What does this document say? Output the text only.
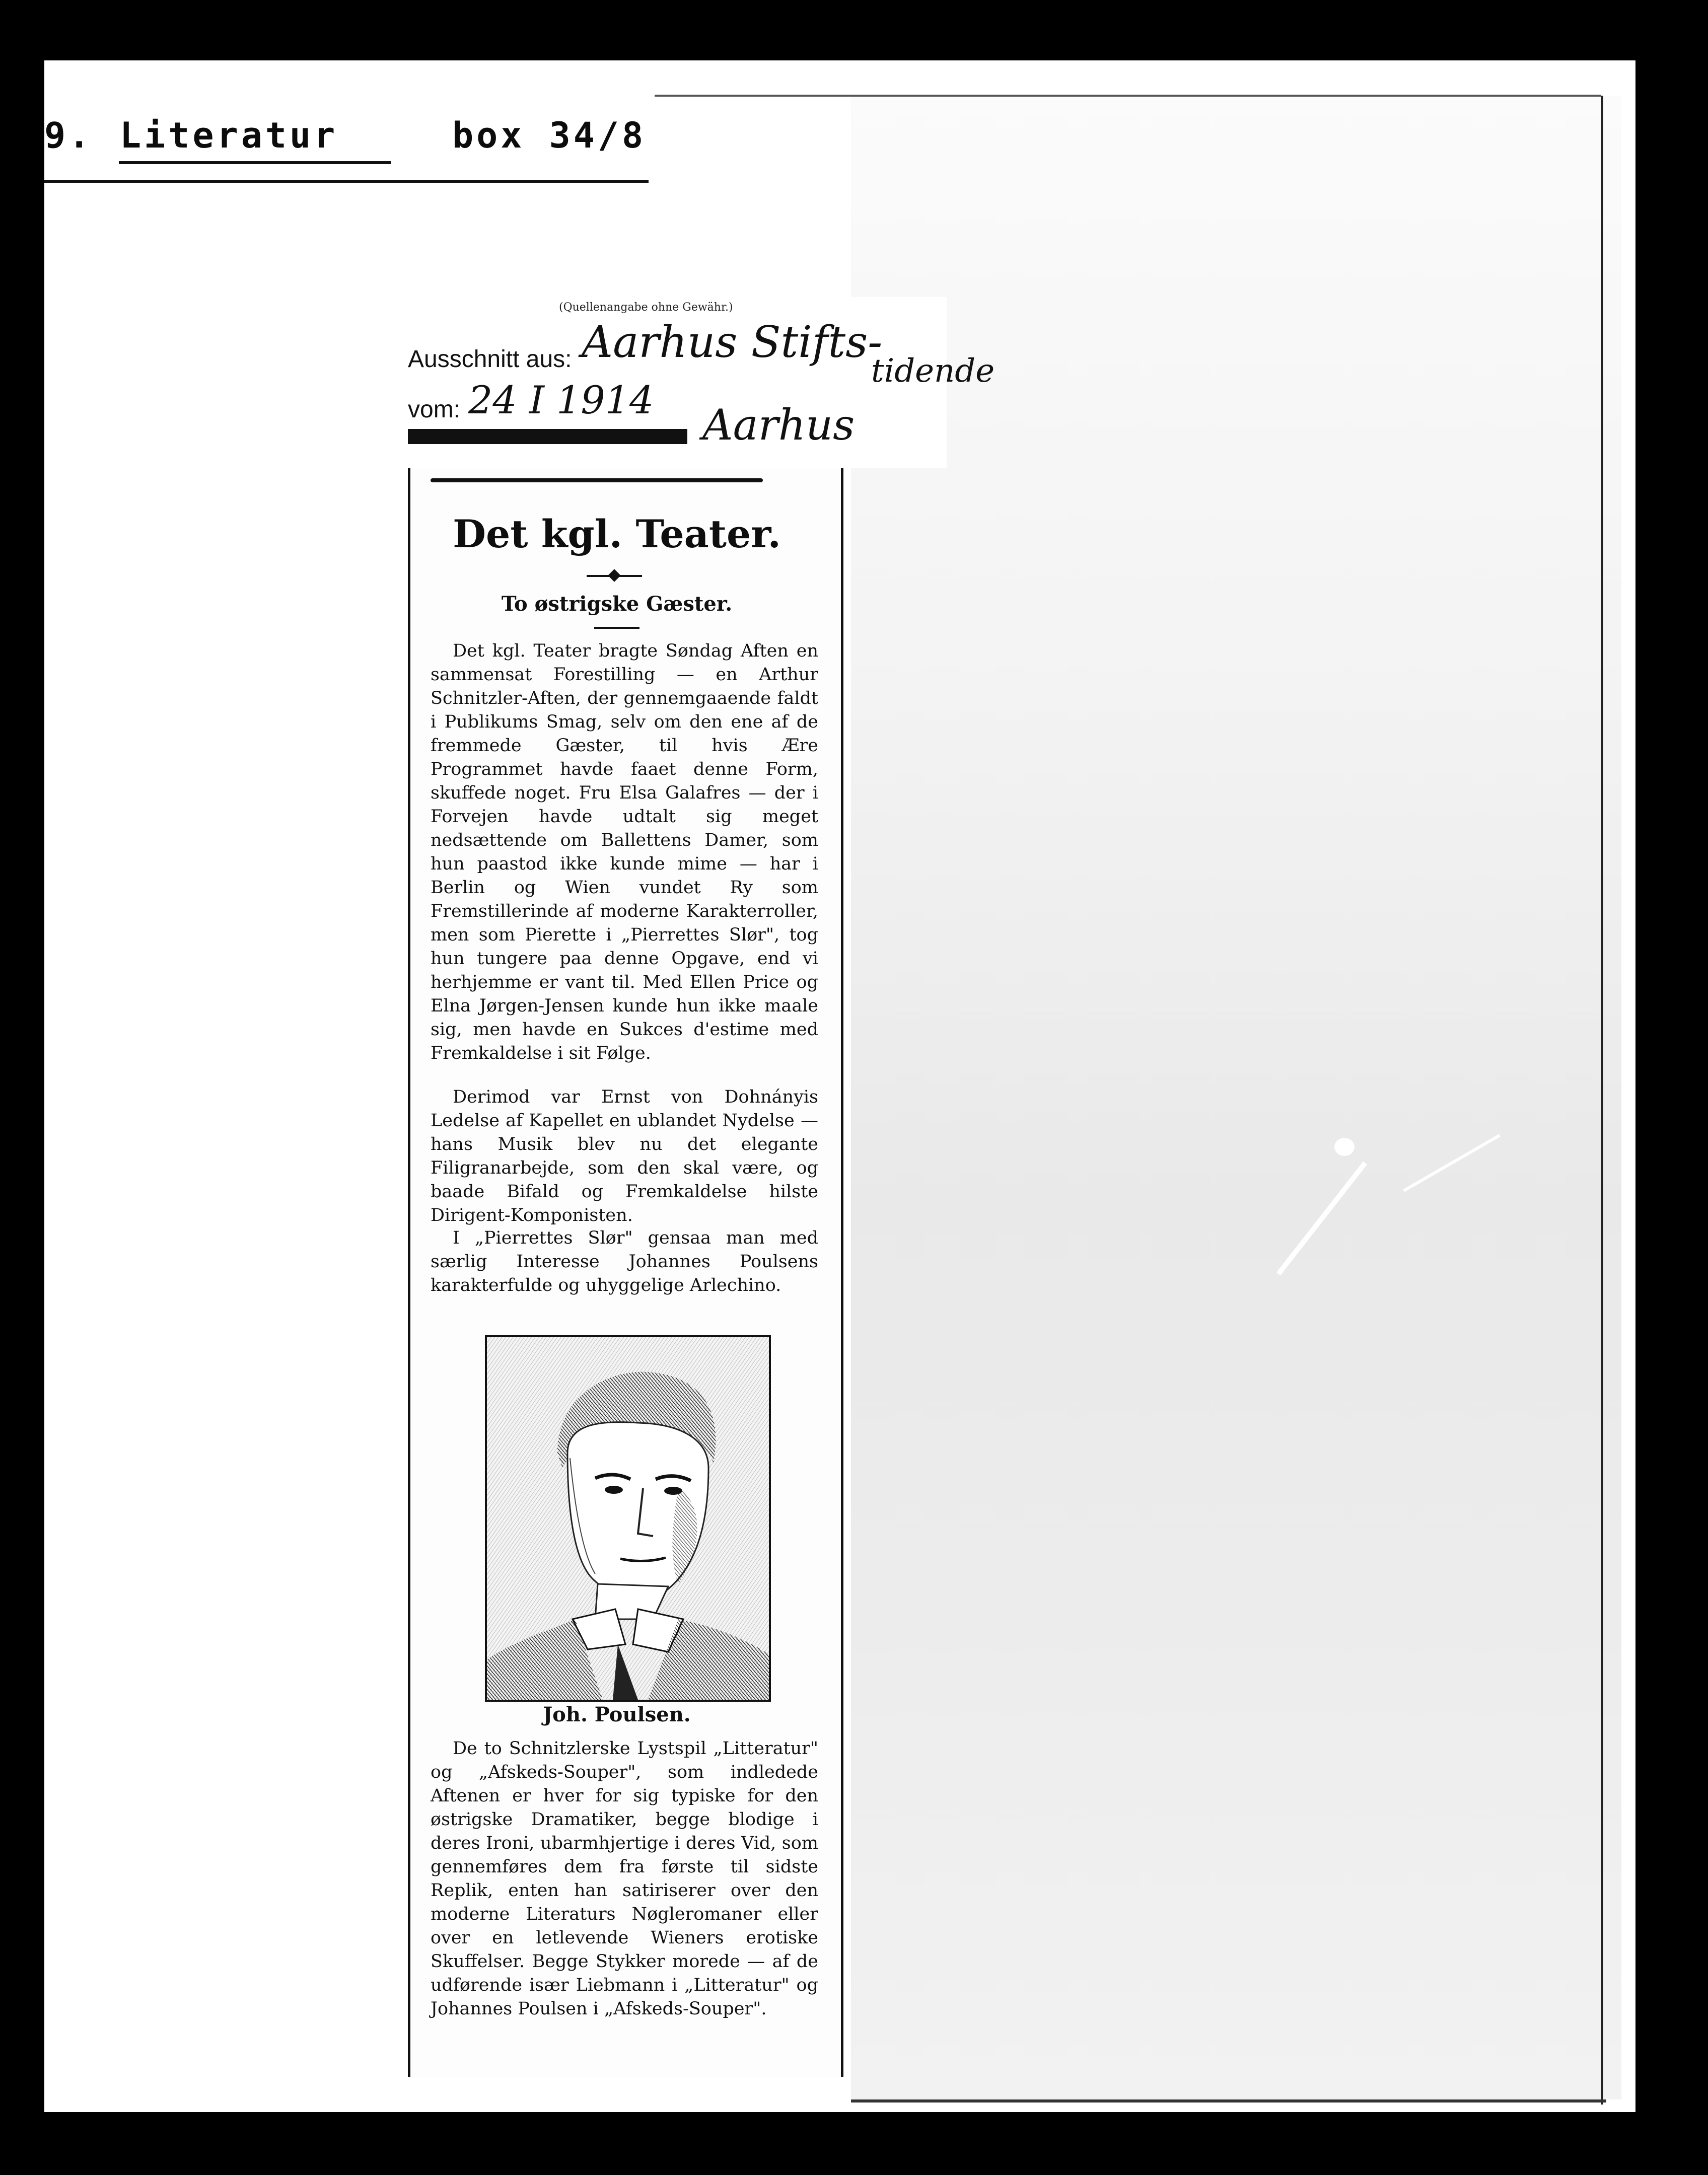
9.

Literatur

	box 34/8

(Quellenangabe ohne Gewähr.)
Ausschnitt aus:
vom:
Aarhus Stifts-
tidende
24 I 1914
Aarhus
Det kgl. Teater.
To østrigske Gæster.

Det kgl. Teater bragte Søndag Aften en sammensat Forestilling — en Arthur Schnitzler-Aften, der gennemgaaende faldt i Publikums Smag, selv om den ene af de fremmede Gæster, til hvis Ære Programmet havde faaet denne Form, skuffede noget. Fru Elsa Galafres — der i Forvejen havde udtalt sig meget nedsættende om Ballettens Damer, som hun paastod ikke kunde mime — har i Berlin og Wien vundet Ry som Fremstillerinde af moderne Karakterroller, men som Pierette i „Pierrettes Slør", tog hun tungere paa denne Opgave, end vi herhjemme er vant til. Med Ellen Price og Elna Jørgen-Jensen kunde hun ikke maale sig, men havde en Sukces d'estime med Fremkaldelse i sit Følge.

Derimod var Ernst von Dohnányis Ledelse af Kapellet en ublandet Nydelse — hans Musik blev nu det elegante Filigranarbejde, som den skal være, og baade Bifald og Fremkaldelse hilste Dirigent-Komponisten.

I „Pierrettes Slør" gensaa man med særlig Interesse Johannes Poulsens karakterfulde og uhyggelige Arlechino.

Joh. Poulsen.

De to Schnitzlerske Lystspil „Litteratur" og „Afskeds-Souper", som indledede Aftenen er hver for sig typiske for den østrigske Dramatiker, begge blodige i deres Ironi, ubarmhjertige i deres Vid, som gennemføres dem fra første til sidste Replik, enten han satiriserer over den moderne Literaturs Nøgleromaner eller over en letlevende Wieners erotiske Skuffelser. Begge Stykker morede — af de udførende især Liebmann i „Litteratur" og Johannes Poulsen i „Afskeds-Souper".
